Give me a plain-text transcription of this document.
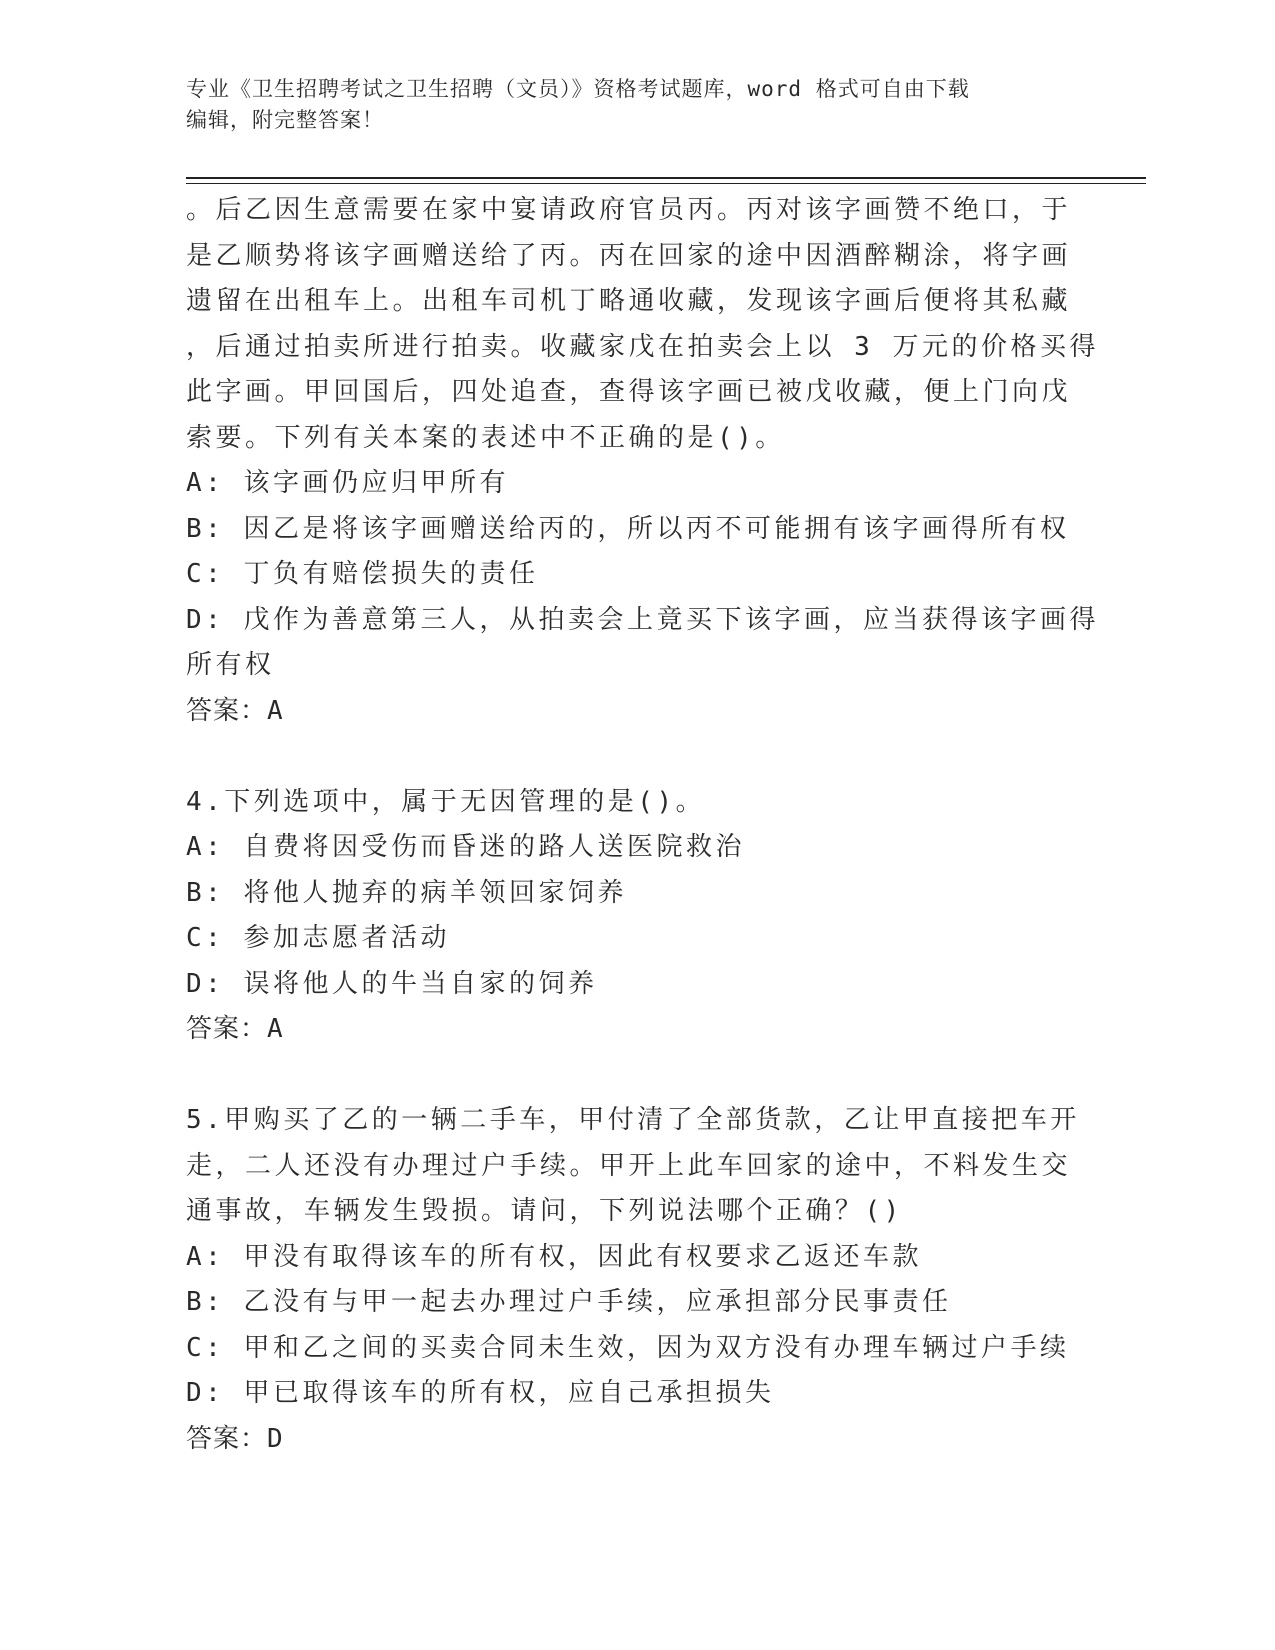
专业《卫生招聘考试之卫生招聘（文员）》资格考试题库，word 格式可自由下载
编辑，附完整答案！
。后乙因生意需要在家中宴请政府官员丙。丙对该字画赞不绝口，于
是乙顺势将该字画赠送给了丙。丙在回家的途中因酒醉糊涂，将字画
遗留在出租车上。出租车司机丁略通收藏，发现该字画后便将其私藏
，后通过拍卖所进行拍卖。收藏家戊在拍卖会上以 3 万元的价格买得
此字画。甲回国后，四处追查，查得该字画已被戊收藏，便上门向戊
索要。下列有关本案的表述中不正确的是()。
A: 该字画仍应归甲所有
B: 因乙是将该字画赠送给丙的，所以丙不可能拥有该字画得所有权
C: 丁负有赔偿损失的责任
D: 戊作为善意第三人，从拍卖会上竟买下该字画，应当获得该字画得
所有权
答案：A
4.下列选项中，属于无因管理的是()。
A: 自费将因受伤而昏迷的路人送医院救治
B: 将他人抛弃的病羊领回家饲养
C: 参加志愿者活动
D: 误将他人的牛当自家的饲养
答案：A
5.甲购买了乙的一辆二手车，甲付清了全部货款，乙让甲直接把车开
走，二人还没有办理过户手续。甲开上此车回家的途中，不料发生交
通事故，车辆发生毁损。请问，下列说法哪个正确？()
A: 甲没有取得该车的所有权，因此有权要求乙返还车款
B: 乙没有与甲一起去办理过户手续，应承担部分民事责任
C: 甲和乙之间的买卖合同未生效，因为双方没有办理车辆过户手续
D: 甲已取得该车的所有权，应自己承担损失
答案：D
